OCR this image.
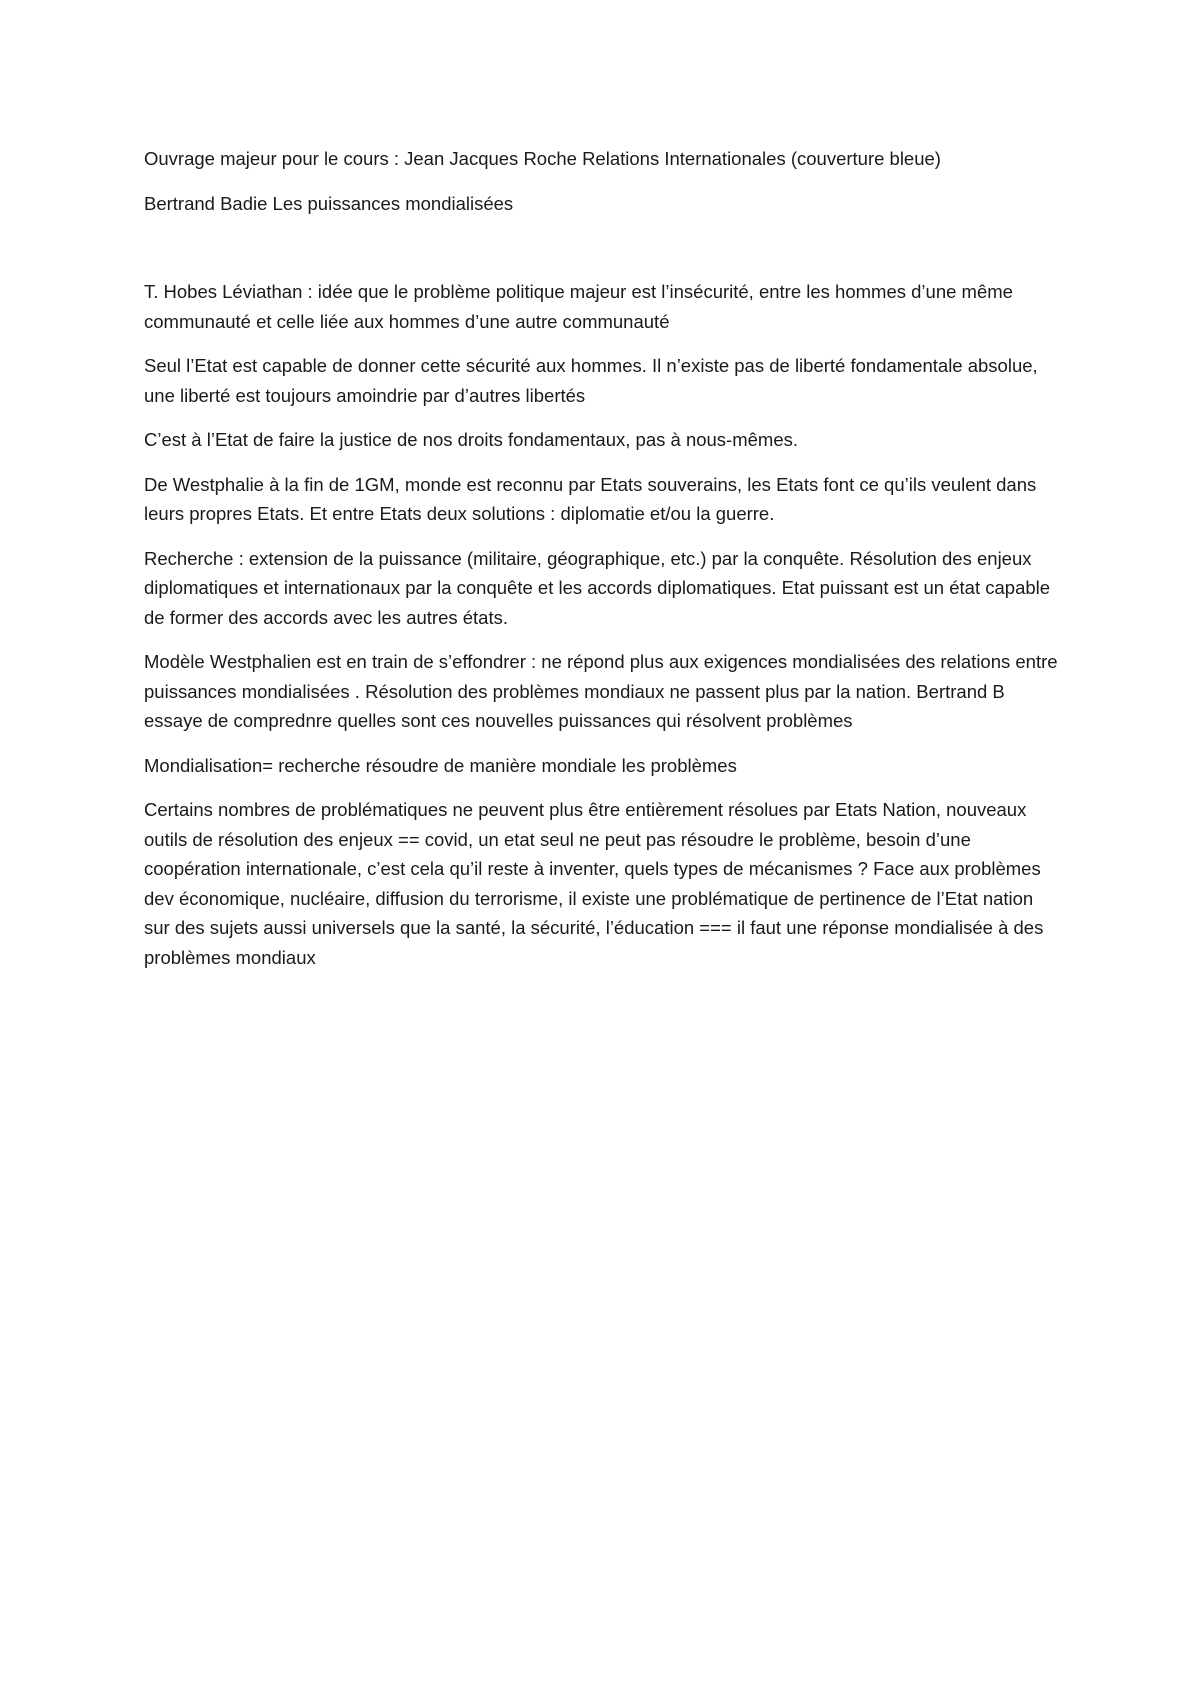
Ouvrage majeur pour le cours : Jean Jacques Roche Relations Internationales (couverture bleue)

Bertrand Badie Les puissances mondialisées

T. Hobes Léviathan : idée que le problème politique majeur est l’insécurité, entre les hommes d’une même communauté et celle liée aux hommes d’une autre communauté

Seul l’Etat est capable de donner cette sécurité aux hommes. Il n’existe pas de liberté fondamentale absolue, une liberté est toujours amoindrie par d’autres libertés

C’est à l’Etat de faire la justice de nos droits fondamentaux, pas à nous-mêmes.

De Westphalie à la fin de 1GM, monde est reconnu par Etats souverains, les Etats font ce qu’ils veulent dans leurs propres Etats. Et entre Etats deux solutions : diplomatie et/ou la guerre.

Recherche : extension de la puissance (militaire, géographique, etc.) par la conquête. Résolution des enjeux diplomatiques et internationaux par la conquête et les accords diplomatiques. Etat puissant est un état capable de former des accords avec les autres états.

Modèle Westphalien est en train de s’effondrer : ne répond plus aux exigences mondialisées des relations entre puissances mondialisées . Résolution des problèmes mondiaux ne passent plus par la nation. Bertrand B essaye de comprednre quelles sont ces nouvelles puissances qui résolvent problèmes

Mondialisation= recherche résoudre de manière mondiale les problèmes

Certains nombres de problématiques ne peuvent plus être entièrement résolues par Etats Nation, nouveaux outils de résolution des enjeux == covid, un etat seul ne peut pas résoudre le problème, besoin d’une coopération internationale, c’est cela qu’il reste à inventer, quels types de mécanismes ? Face aux problèmes dev économique, nucléaire, diffusion du terrorisme, il existe une problématique de pertinence de l’Etat nation sur des sujets aussi universels que la santé, la sécurité, l’éducation === il faut une réponse mondialisée à des problèmes mondiaux
